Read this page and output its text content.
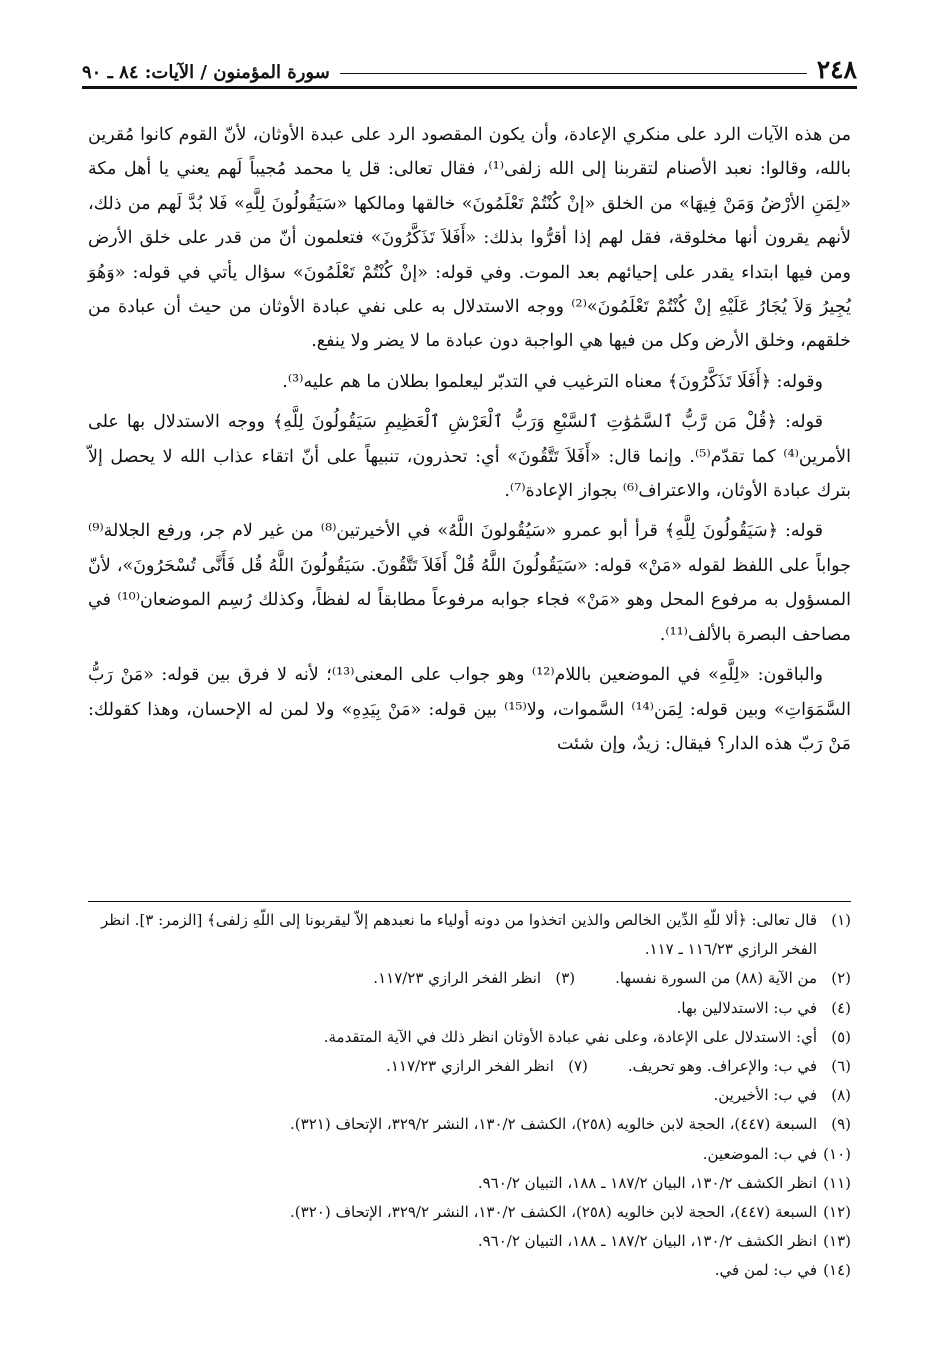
٢٤٨
سورة المؤمنون / الآيات: ٨٤ ـ ٩٠

من هذه الآيات الرد على منكري الإعادة، وأن يكون المقصود الرد على عبدة الأوثان، لأنّ القوم كانوا مُقرين بالله، وقالوا: نعبد الأصنام لتقربنا إلى الله زلفى⁽¹⁾، فقال تعالى: قل يا محمد مُجيباً لَهم يعني يا أهل مكة «لِمَنِ الأرْضُ وَمَنْ فِيهَا» من الخلق «إنْ كُنْتُمْ تَعْلَمُونَ» خالقها ومالكها «سَيَقُولُونَ لِلَّهِ» فَلا بُدَّ لَهم من ذلك، لأنهم يقرون أنها مخلوقة، فقل لهم إذا أقرُّوا بذلك: «أَفَلاَ تَذَكَّرُونَ» فتعلمون أنّ من قدر على خلق الأرض ومن فيها ابتداء يقدر على إحيائهم بعد الموت. وفي قوله: «إنْ كُنْتُمْ تَعْلَمُونَ» سؤال يأتي في قوله: «وَهُوَ يُجِيرُ وَلاَ يُجَارُ عَلَيْهِ إنْ كُنْتُمْ تَعْلَمُونَ»⁽²⁾ ووجه الاستدلال به على نفي عبادة الأوثان من حيث أن عبادة من خلقهم، وخلق الأرض وكل من فيها هي الواجبة دون عبادة ما لا يضر ولا ينفع.

وقوله: ﴿أَفَلَا تَذَكَّرُونَ﴾ معناه الترغيب في التدبّر ليعلموا بطلان ما هم عليه⁽³⁾.

قوله: ﴿قُلْ مَن رَّبُّ ٱلسَّمَٰوَٰتِ ٱلسَّبْعِ وَرَبُّ ٱلْعَرْشِ ٱلْعَظِيمِ سَيَقُولُونَ لِلَّهِ﴾ ووجه الاستدلال بها على الأمرين⁽⁴⁾ كما تقدّم⁽⁵⁾. وإنما قال: «أَفَلاَ تَتَّقُونَ» أي: تحذرون، تنبيهاً على أنّ اتقاء عذاب الله لا يحصل إلاّ بترك عبادة الأوثان، والاعتراف⁽⁶⁾ بجواز الإعادة⁽⁷⁾.

قوله: ﴿سَيَقُولُونَ لِلَّهِ﴾ قرأ أبو عمرو «سَيُقُولونَ اللَّهُ» في الأخيرتين⁽⁸⁾ من غير لام جر، ورفع الجلالة⁽⁹⁾ جواباً على اللفظ لقوله «مَنْ» قوله: «سَيَقُولُونَ اللَّهُ قُلْ أَفَلاَ تَتَّقُونَ. سَيَقُولُونَ اللَّهُ قُل فَأَنَّى تُسْحَرُونَ»، لأنّ المسؤول به مرفوع المحل وهو «مَنْ» فجاء جوابه مرفوعاً مطابقاً له لفظاً، وكذلك رُسِم الموضعان⁽¹⁰⁾ في مصاحف البصرة بالألف⁽¹¹⁾.

والباقون: «لِلَّهِ» في الموضعين باللام⁽¹²⁾ وهو جواب على المعنى⁽¹³⁾؛ لأنه لا فرق بين قوله: «مَنْ رَبُّ السَّمَوَاتِ» وبين قوله: لِمَن⁽¹⁴⁾ السَّموات، ولا⁽¹⁵⁾ بين قوله: «مَنْ بِيَدِهِ» ولا لمن له الإحسان، وهذا كقولك: مَنْ رَبّ هذه الدار؟ فيقال: زيدٌ، وإن شئت

(١)
قال تعالى: ﴿ألا للّهِ الدِّين الخالص والذين اتخذوا من دونه أولياء ما نعبدهم إلاّ ليقربونا إلى اللّهِ زلفى﴾ [الزمر: ٣]. انظر الفخر الرازي ١١٦/٢٣ ـ ١١٧.
(٢)
من الآية (٨٨) من السورة نفسها.
(٣)
انظر الفخر الرازي ١١٧/٢٣.
(٤)
في ب: الاستدلالين بها.
(٥)
أي: الاستدلال على الإعادة، وعلى نفي عبادة الأوثان انظر ذلك في الآية المتقدمة.
(٦)
في ب: والإعراف. وهو تحريف.
(٧)
انظر الفخر الرازي ١١٧/٢٣.
(٨)
في ب: الأخيرين.
(٩)
السبعة (٤٤٧)، الحجة لابن خالويه (٢٥٨)، الكشف ١٣٠/٢، النشر ٣٢٩/٢، الإتحاف (٣٢١).
(١٠)
في ب: الموضعين.
(١١)
انظر الكشف ١٣٠/٢، البيان ١٨٧/٢ ـ ١٨٨، التبيان ٩٦٠/٢.
(١٢)
السبعة (٤٤٧)، الحجة لابن خالويه (٢٥٨)، الكشف ١٣٠/٢، النشر ٣٢٩/٢، الإتحاف (٣٢٠).
(١٣)
انظر الكشف ١٣٠/٢، البيان ١٨٧/٢ ـ ١٨٨، التبيان ٩٦٠/٢.
(١٤)
في ب: لمن في.
